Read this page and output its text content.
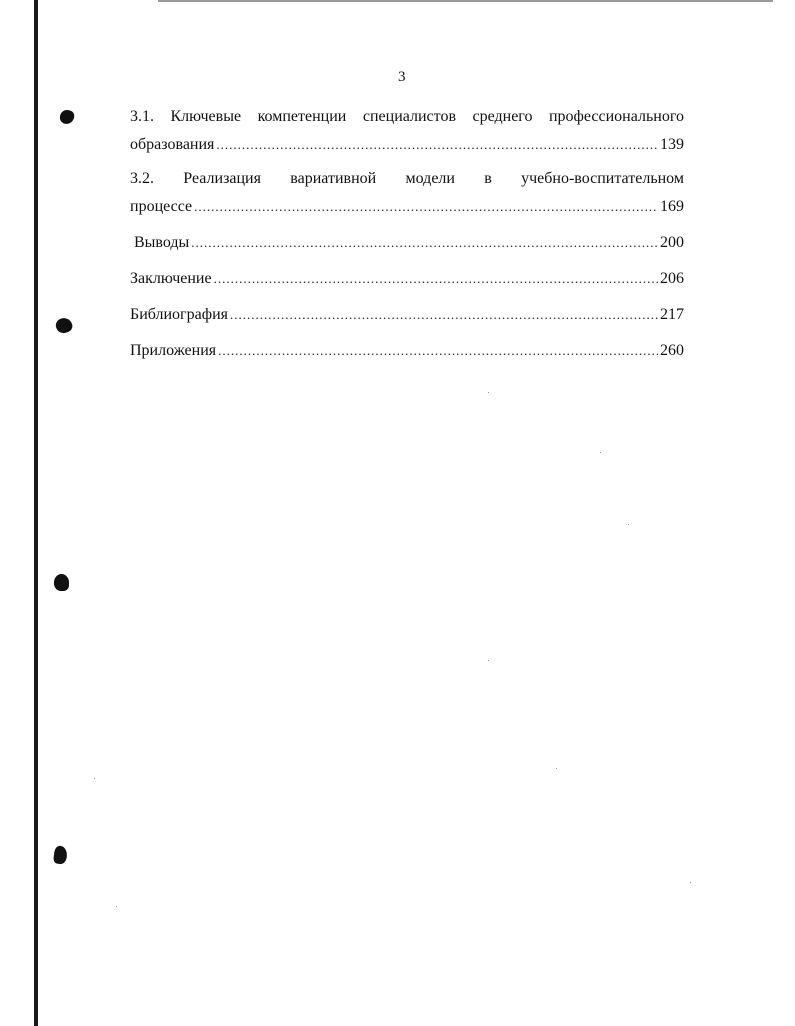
3
3.1. Ключевые компетенции специалистов среднего профессионального
образования .....	139
3.2. Реализация вариативной модели в учебно-воспитательном
процессе .....	169
Выводы .....	200
Заключение .....	206
Библиография .....	217
Приложения .....	260
